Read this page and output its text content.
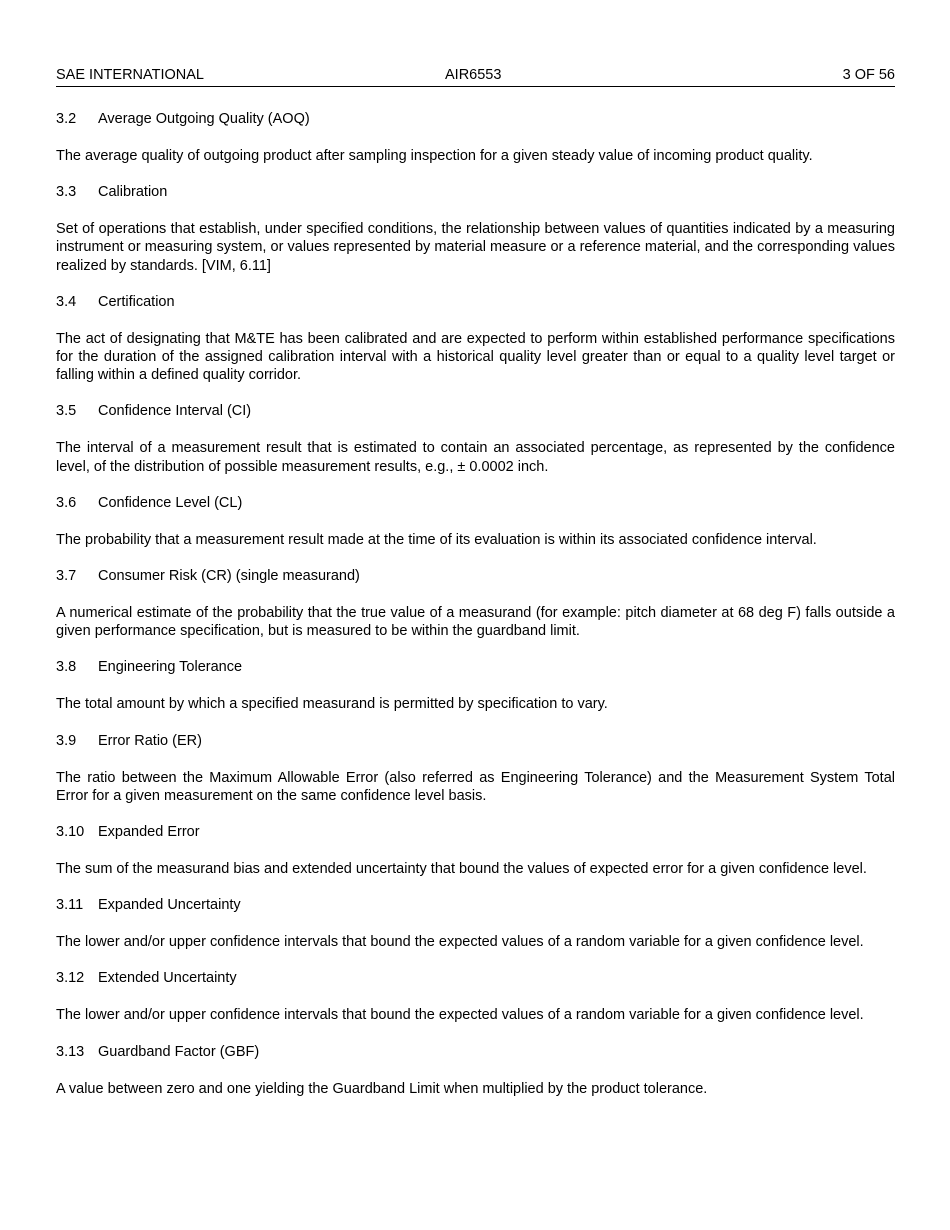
SAE INTERNATIONAL	AIR6553	3 OF 56
3.2 Average Outgoing Quality (AOQ)

The average quality of outgoing product after sampling inspection for a given steady value of incoming product quality.

3.3 Calibration

Set of operations that establish, under specified conditions, the relationship between values of quantities indicated by a measuring instrument or measuring system, or values represented by material measure or a reference material, and the corresponding values realized by standards. [VIM, 6.11]

3.4 Certification

The act of designating that M&TE has been calibrated and are expected to perform within established performance specifications for the duration of the assigned calibration interval with a historical quality level greater than or equal to a quality level target or falling within a defined quality corridor.

3.5 Confidence Interval (CI)

The interval of a measurement result that is estimated to contain an associated percentage, as represented by the confidence level, of the distribution of possible measurement results, e.g., ± 0.0002 inch.

3.6 Confidence Level (CL)

The probability that a measurement result made at the time of its evaluation is within its associated confidence interval.

3.7 Consumer Risk (CR) (single measurand)

A numerical estimate of the probability that the true value of a measurand (for example: pitch diameter at 68 deg F) falls outside a given performance specification, but is measured to be within the guardband limit.

3.8 Engineering Tolerance

The total amount by which a specified measurand is permitted by specification to vary.

3.9 Error Ratio (ER)

The ratio between the Maximum Allowable Error (also referred as Engineering Tolerance) and the Measurement System Total Error for a given measurement on the same confidence level basis.

3.10 Expanded Error

The sum of the measurand bias and extended uncertainty that bound the values of expected error for a given confidence level.

3.11 Expanded Uncertainty

The lower and/or upper confidence intervals that bound the expected values of a random variable for a given confidence level.

3.12 Extended Uncertainty

The lower and/or upper confidence intervals that bound the expected values of a random variable for a given confidence level.

3.13 Guardband Factor (GBF)

A value between zero and one yielding the Guardband Limit when multiplied by the product tolerance.
